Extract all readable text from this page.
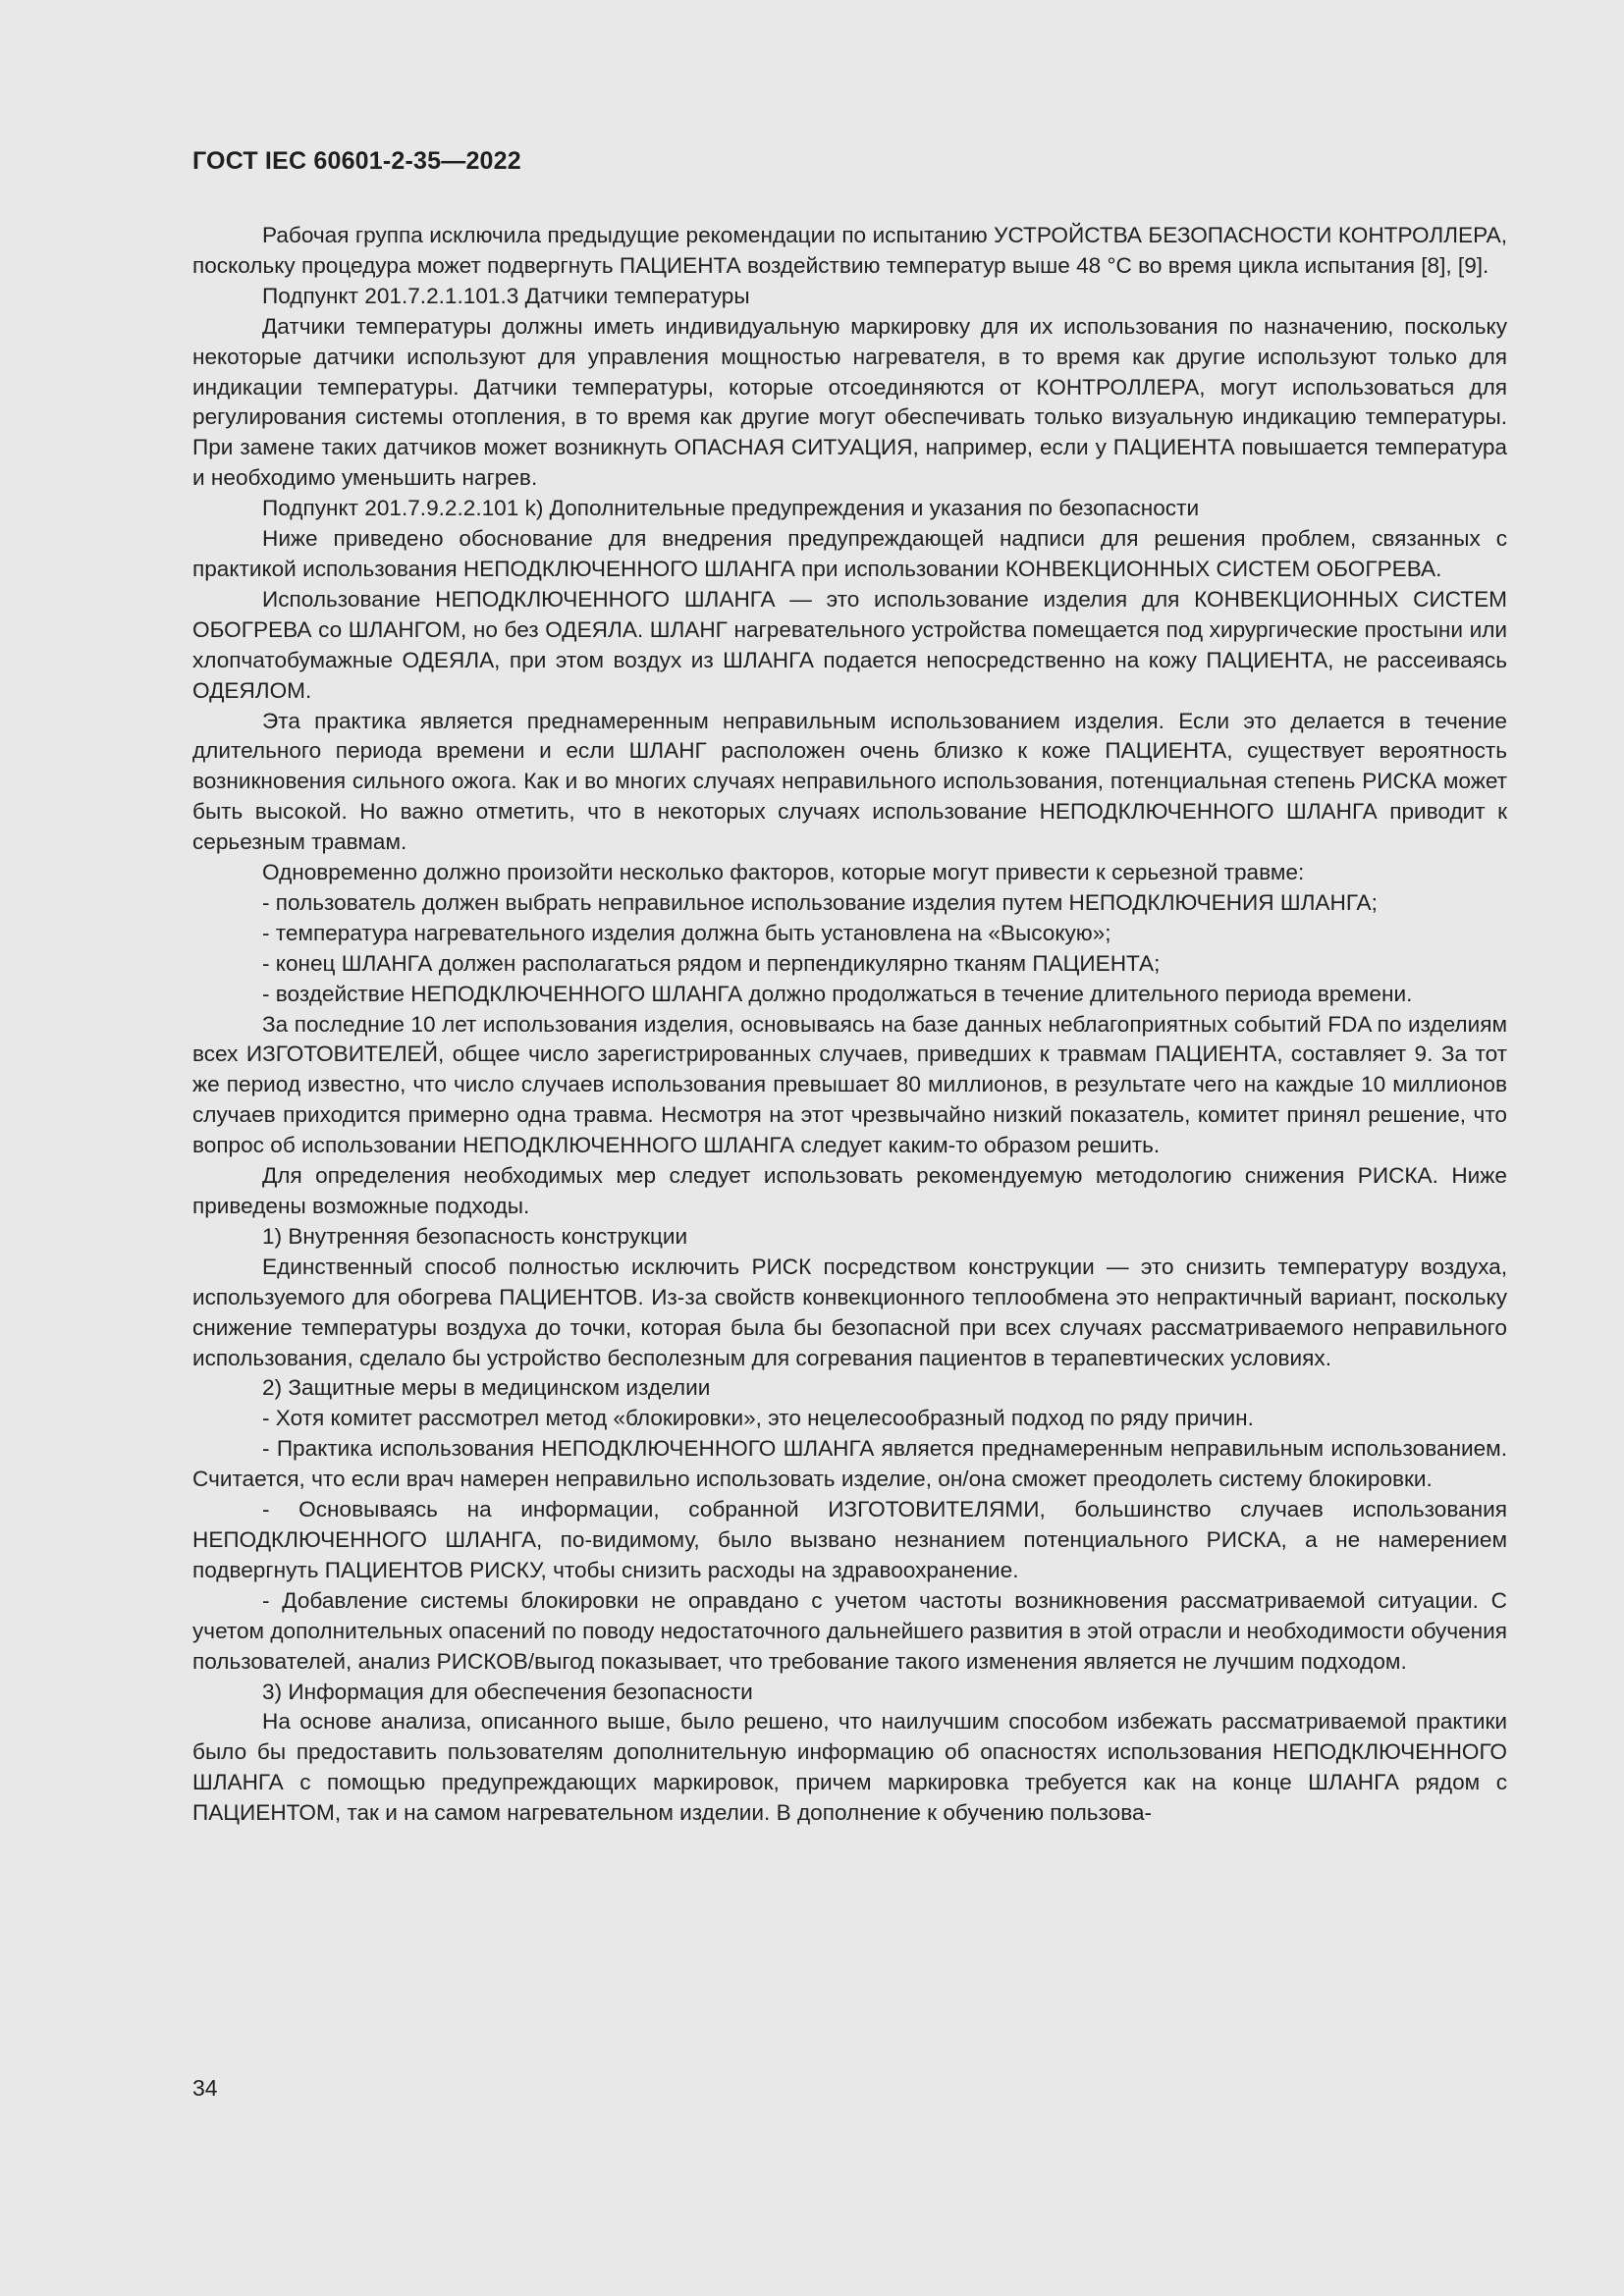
ГОСТ IEC 60601-2-35—2022

Рабочая группа исключила предыдущие рекомендации по испытанию УСТРОЙСТВА БЕЗОПАСНОСТИ КОНТРОЛЛЕРА, поскольку процедура может подвергнуть ПАЦИЕНТА воздействию температур выше 48 °С во время цикла испытания [8], [9].

Подпункт 201.7.2.1.101.3 Датчики температуры

Датчики температуры должны иметь индивидуальную маркировку для их использования по назначению, поскольку некоторые датчики используют для управления мощностью нагревателя, в то время как другие используют только для индикации температуры. Датчики температуры, которые отсоединяются от КОНТРОЛЛЕРА, могут использоваться для регулирования системы отопления, в то время как другие могут обеспечивать только визуальную индикацию температуры. При замене таких датчиков может возникнуть ОПАСНАЯ СИТУАЦИЯ, например, если у ПАЦИЕНТА повышается температура и необходимо уменьшить нагрев.

Подпункт 201.7.9.2.2.101 k) Дополнительные предупреждения и указания по безопасности

Ниже приведено обоснование для внедрения предупреждающей надписи для решения проблем, связанных с практикой использования НЕПОДКЛЮЧЕННОГО ШЛАНГА при использовании КОНВЕКЦИОННЫХ СИСТЕМ ОБОГРЕВА.

Использование НЕПОДКЛЮЧЕННОГО ШЛАНГА — это использование изделия для КОНВЕКЦИОННЫХ СИСТЕМ ОБОГРЕВА со ШЛАНГОМ, но без ОДЕЯЛА. ШЛАНГ нагревательного устройства помещается под хирургические простыни или хлопчатобумажные ОДЕЯЛА, при этом воздух из ШЛАНГА подается непосредственно на кожу ПАЦИЕНТА, не рассеиваясь ОДЕЯЛОМ.

Эта практика является преднамеренным неправильным использованием изделия. Если это делается в течение длительного периода времени и если ШЛАНГ расположен очень близко к коже ПАЦИЕНТА, существует вероятность возникновения сильного ожога. Как и во многих случаях неправильного использования, потенциальная степень РИСКА может быть высокой. Но важно отметить, что в некоторых случаях использование НЕПОДКЛЮЧЕННОГО ШЛАНГА приводит к серьезным травмам.

Одновременно должно произойти несколько факторов, которые могут привести к серьезной травме:

- пользователь должен выбрать неправильное использование изделия путем НЕПОДКЛЮЧЕНИЯ ШЛАНГА;

- температура нагревательного изделия должна быть установлена на «Высокую»;

- конец ШЛАНГА должен располагаться рядом и перпендикулярно тканям ПАЦИЕНТА;

- воздействие НЕПОДКЛЮЧЕННОГО ШЛАНГА должно продолжаться в течение длительного периода времени.

За последние 10 лет использования изделия, основываясь на базе данных неблагоприятных событий FDA по изделиям всех ИЗГОТОВИТЕЛЕЙ, общее число зарегистрированных случаев, приведших к травмам ПАЦИЕНТА, составляет 9. За тот же период известно, что число случаев использования превышает 80 миллионов, в результате чего на каждые 10 миллионов случаев приходится примерно одна травма. Несмотря на этот чрезвычайно низкий показатель, комитет принял решение, что вопрос об использовании НЕПОДКЛЮЧЕННОГО ШЛАНГА следует каким-то образом решить.

Для определения необходимых мер следует использовать рекомендуемую методологию снижения РИСКА. Ниже приведены возможные подходы.

1) Внутренняя безопасность конструкции

Единственный способ полностью исключить РИСК посредством конструкции — это снизить температуру воздуха, используемого для обогрева ПАЦИЕНТОВ. Из-за свойств конвекционного теплообмена это непрактичный вариант, поскольку снижение температуры воздуха до точки, которая была бы безопасной при всех случаях рассматриваемого неправильного использования, сделало бы устройство бесполезным для согревания пациентов в терапевтических условиях.

2) Защитные меры в медицинском изделии

- Хотя комитет рассмотрел метод «блокировки», это нецелесообразный подход по ряду причин.

- Практика использования НЕПОДКЛЮЧЕННОГО ШЛАНГА является преднамеренным неправильным использованием. Считается, что если врач намерен неправильно использовать изделие, он/она сможет преодолеть систему блокировки.

- Основываясь на информации, собранной ИЗГОТОВИТЕЛЯМИ, большинство случаев использования НЕПОДКЛЮЧЕННОГО ШЛАНГА, по-видимому, было вызвано незнанием потенциального РИСКА, а не намерением подвергнуть ПАЦИЕНТОВ РИСКУ, чтобы снизить расходы на здравоохранение.

- Добавление системы блокировки не оправдано с учетом частоты возникновения рассматриваемой ситуации. С учетом дополнительных опасений по поводу недостаточного дальнейшего развития в этой отрасли и необходимости обучения пользователей, анализ РИСКОВ/выгод показывает, что требование такого изменения является не лучшим подходом.

3) Информация для обеспечения безопасности

На основе анализа, описанного выше, было решено, что наилучшим способом избежать рассматриваемой практики было бы предоставить пользователям дополнительную информацию об опасностях использования НЕПОДКЛЮЧЕННОГО ШЛАНГА с помощью предупреждающих маркировок, причем маркировка требуется как на конце ШЛАНГА рядом с ПАЦИЕНТОМ, так и на самом нагревательном изделии. В дополнение к обучению пользова-

34
